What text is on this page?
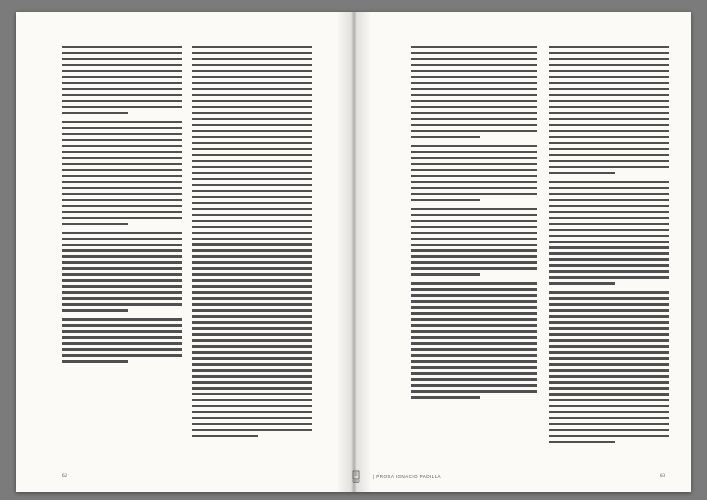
62	63
| PROSA IGNACIO PADILLA
